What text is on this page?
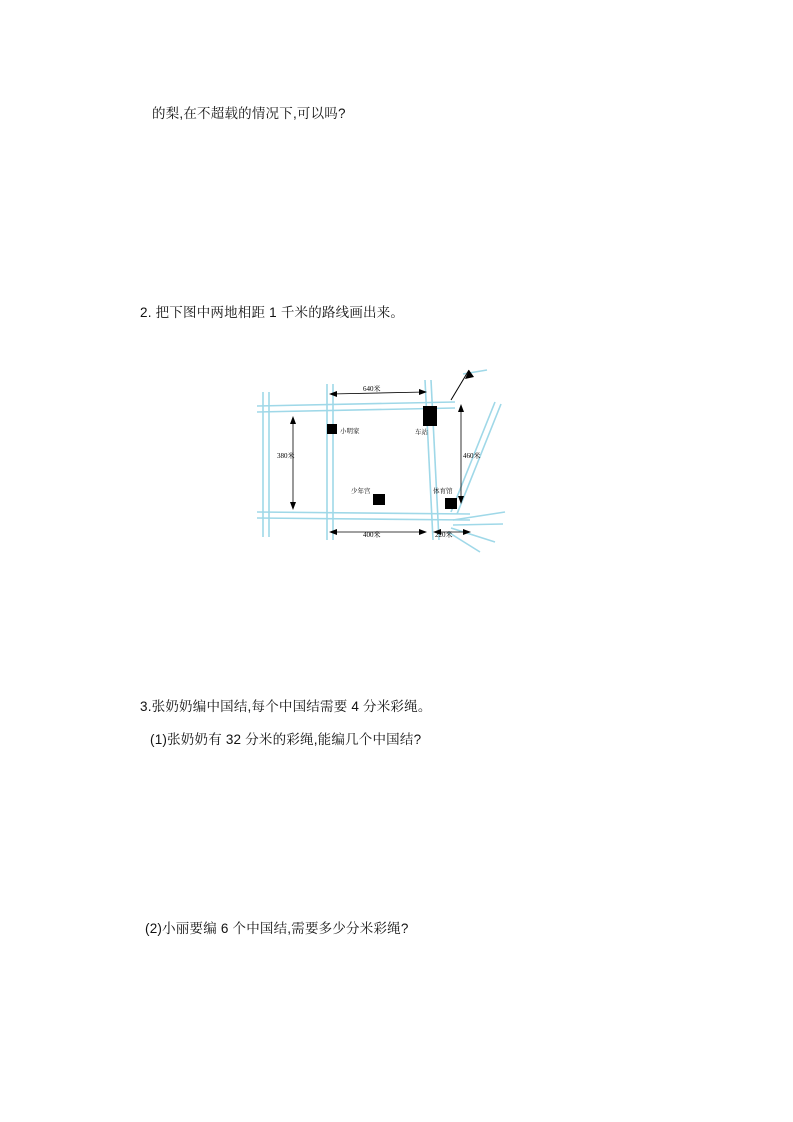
的梨,在不超载的情况下,可以吗?
2. 把下图中两地相距 1 千米的路线画出来。
640米
380米	460米
400米	220米
小明家	车站
少年宫	体育馆
3.张奶奶编中国结,每个中国结需要 4 分米彩绳。
(1)张奶奶有 32 分米的彩绳,能编几个中国结?
(2)小丽要编 6 个中国结,需要多少分米彩绳?
